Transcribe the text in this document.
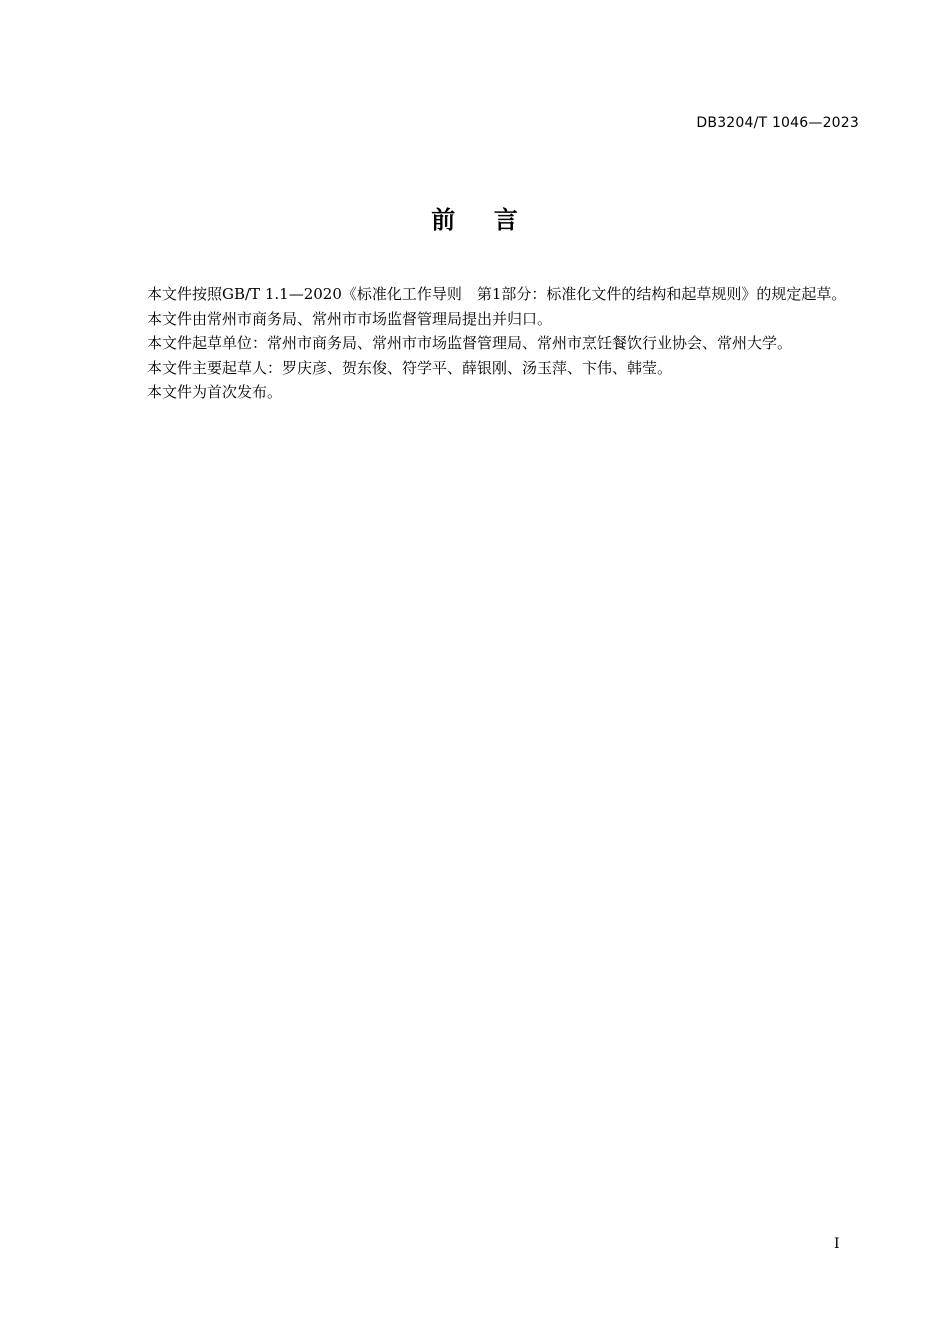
DB3204/T 1046—2023
前    言

本文件按照GB/T 1.1—2020《标准化工作导则　第1部分：标准化文件的结构和起草规则》的规定起草。

本文件由常州市商务局、常州市市场监督管理局提出并归口。

本文件起草单位：常州市商务局、常州市市场监督管理局、常州市烹饪餐饮行业协会、常州大学。

本文件主要起草人：罗庆彦、贺东俊、符学平、薛银刚、汤玉萍、卞伟、韩莹。

本文件为首次发布。

I
